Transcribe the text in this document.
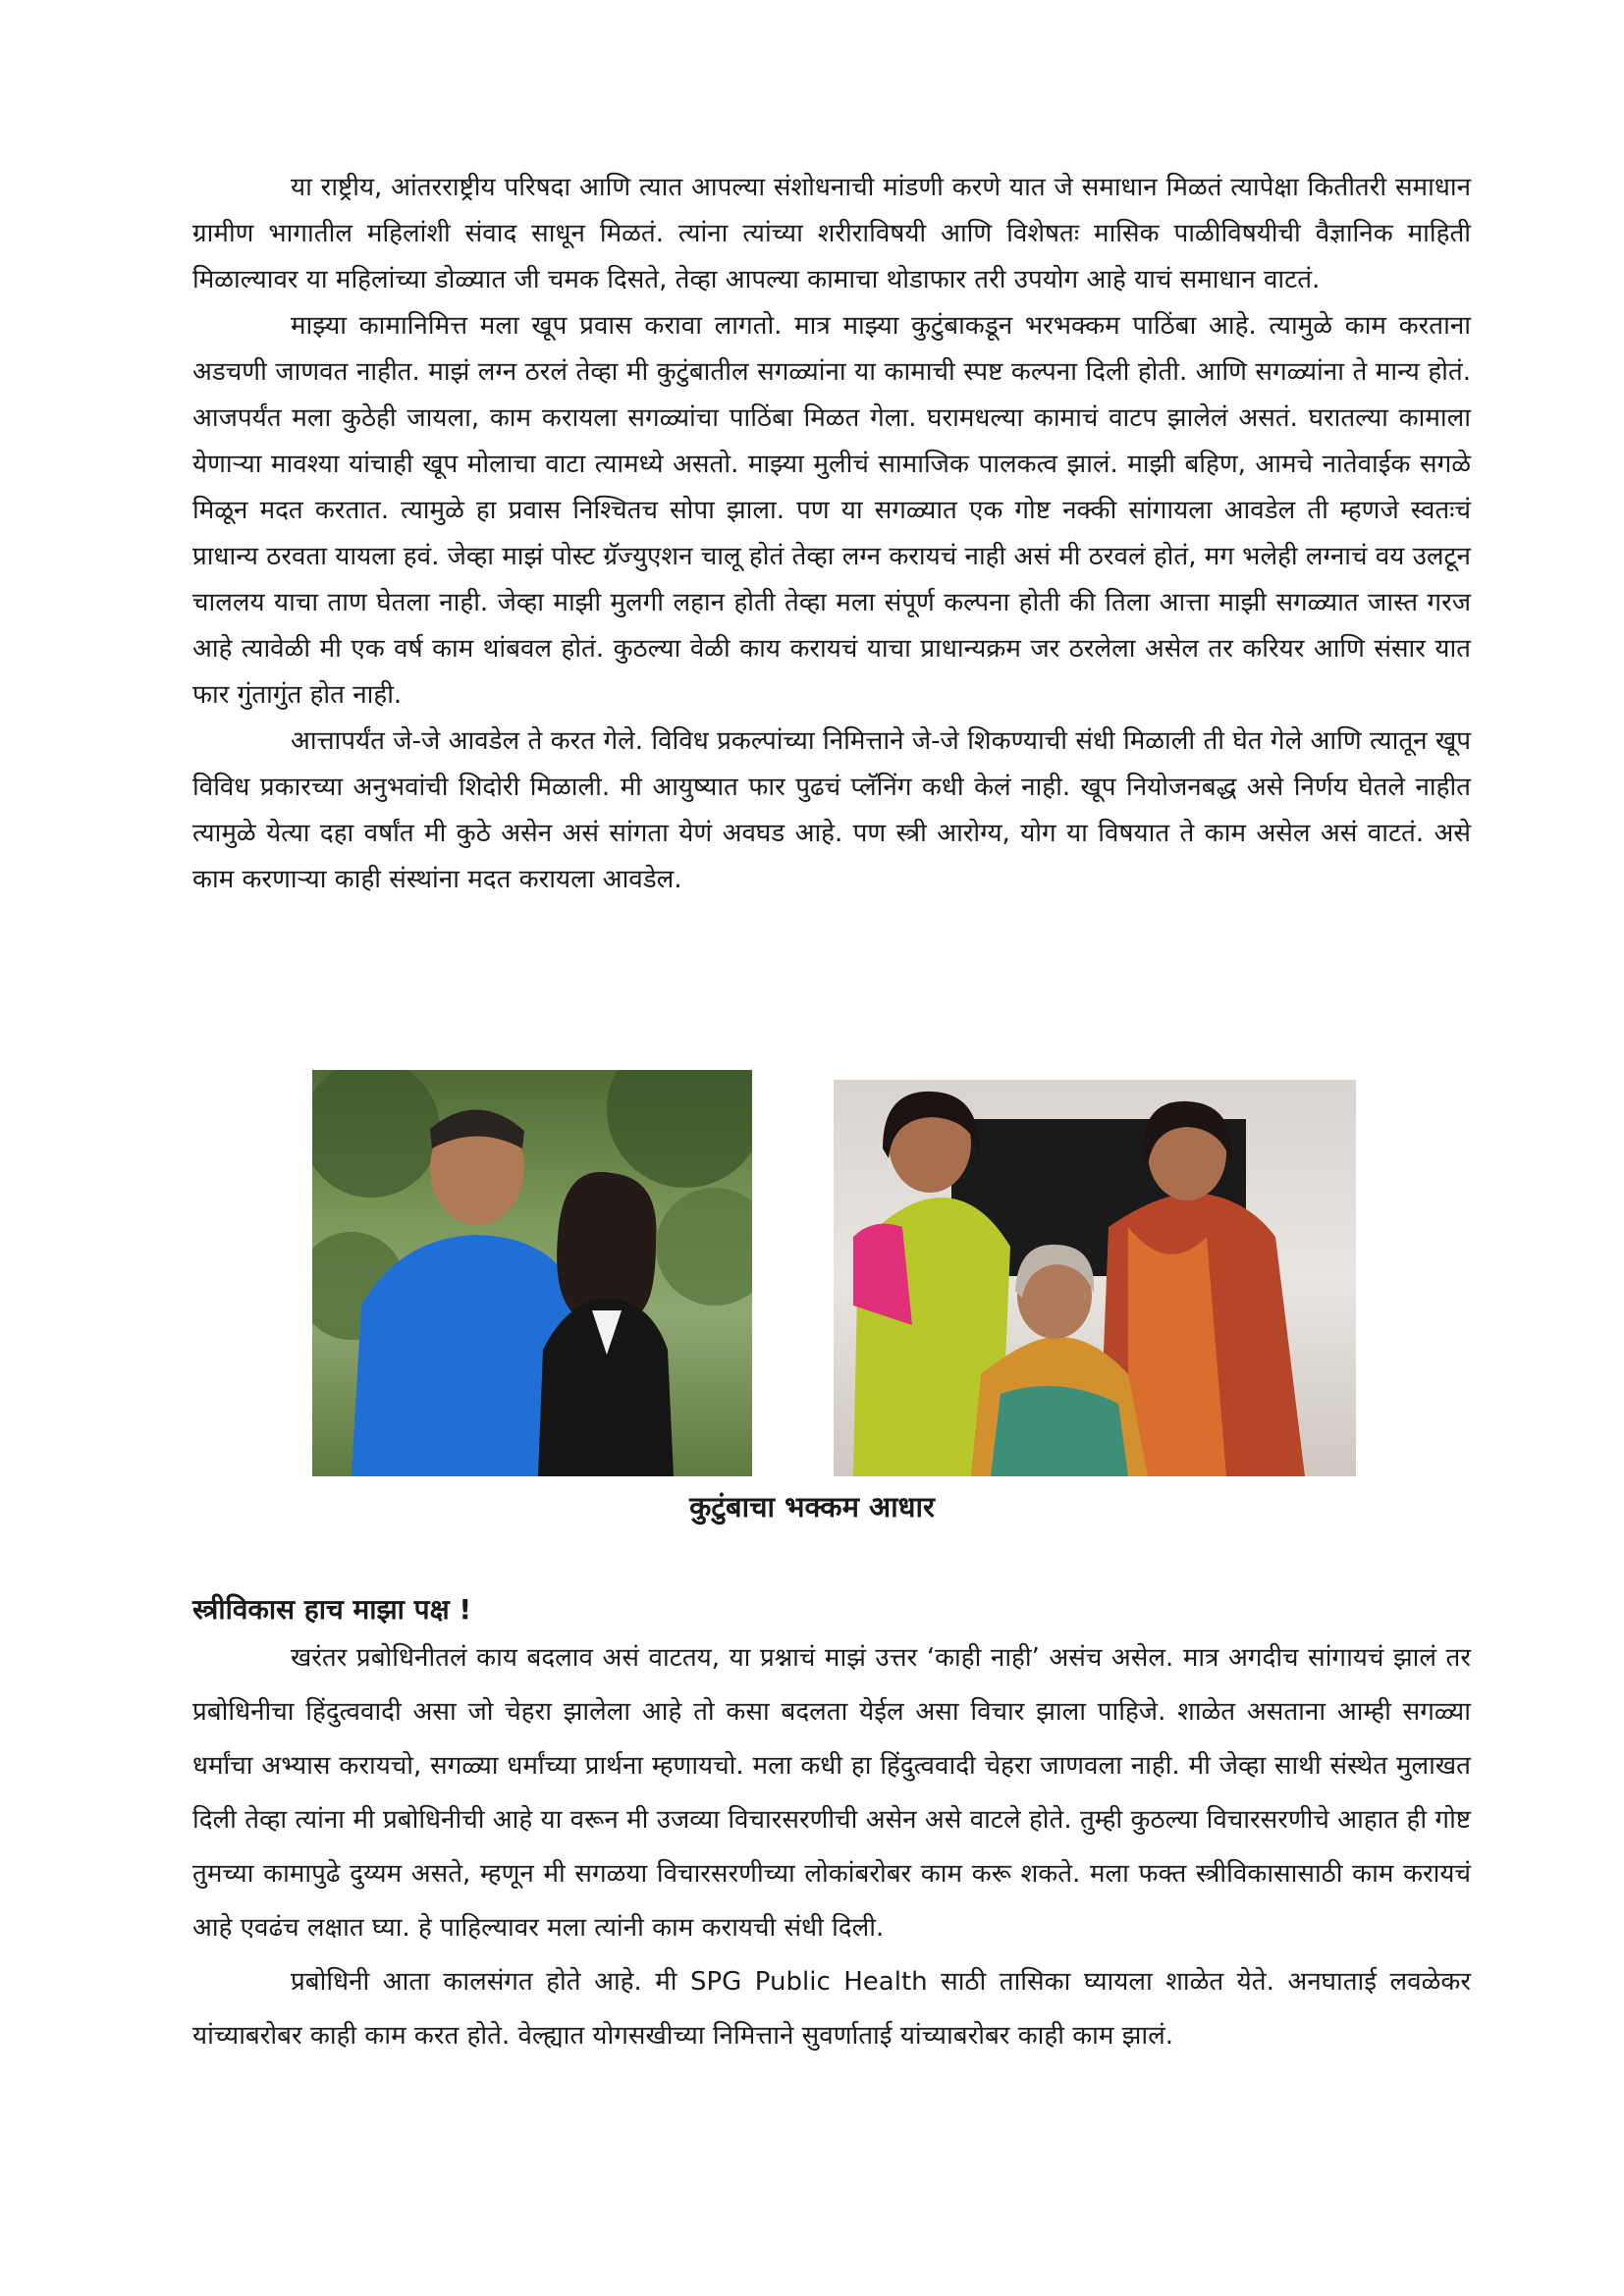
या राष्ट्रीय, आंतरराष्ट्रीय परिषदा आणि त्यात आपल्या संशोधनाची मांडणी करणे यात जे समाधान मिळतं त्यापेक्षा कितीतरी समाधान ग्रामीण भागातील महिलांशी संवाद साधून मिळतं. त्यांना त्यांच्या शरीराविषयी आणि विशेषतः मासिक पाळीविषयीची वैज्ञानिक माहिती मिळाल्यावर या महिलांच्या डोळ्यात जी चमक दिसते, तेव्हा आपल्या कामाचा थोडाफार तरी उपयोग आहे याचं समाधान वाटतं.

माझ्या कामानिमित्त मला खूप प्रवास करावा लागतो. मात्र माझ्या कुटुंबाकडून भरभक्कम पाठिंबा आहे. त्यामुळे काम करताना अडचणी जाणवत नाहीत. माझं लग्न ठरलं तेव्हा मी कुटुंबातील सगळ्यांना या कामाची स्पष्ट कल्पना दिली होती. आणि सगळ्यांना ते मान्य होतं. आजपर्यंत मला कुठेही जायला, काम करायला सगळ्यांचा पाठिंबा मिळत गेला. घरामधल्या कामाचं वाटप झालेलं असतं. घरातल्या कामाला येणाऱ्या मावश्या यांचाही खूप मोलाचा वाटा त्यामध्ये असतो. माझ्या मुलीचं सामाजिक पालकत्व झालं. माझी बहिण, आमचे नातेवाईक सगळे मिळून मदत करतात. त्यामुळे हा प्रवास निश्चितच सोपा झाला. पण या सगळ्यात एक गोष्ट नक्की सांगायला आवडेल ती म्हणजे स्वतःचं प्राधान्य ठरवता यायला हवं. जेव्हा माझं पोस्ट ग्रॅज्युएशन चालू होतं तेव्हा लग्न करायचं नाही असं मी ठरवलं होतं, मग भलेही लग्नाचं वय उलटून चाललय याचा ताण घेतला नाही. जेव्हा माझी मुलगी लहान होती तेव्हा मला संपूर्ण कल्पना होती की तिला आत्ता माझी सगळ्यात जास्त गरज आहे त्यावेळी मी एक वर्ष काम थांबवल होतं. कुठल्या वेळी काय करायचं याचा प्राधान्यक्रम जर ठरलेला असेल तर करियर आणि संसार यात फार गुंतागुंत होत नाही.

आत्तापर्यंत जे-जे आवडेल ते करत गेले. विविध प्रकल्पांच्या निमित्ताने जे-जे शिकण्याची संधी मिळाली ती घेत गेले आणि त्यातून खूप विविध प्रकारच्या अनुभवांची शिदोरी मिळाली. मी आयुष्यात फार पुढचं प्लॅनिंग कधी केलं नाही. खूप नियोजनबद्ध असे निर्णय घेतले नाहीत त्यामुळे येत्या दहा वर्षांत मी कुठे असेन असं सांगता येणं अवघड आहे. पण स्त्री आरोग्य, योग या विषयात ते काम असेल असं वाटतं. असे काम करणाऱ्या काही संस्थांना मदत करायला आवडेल.

कुटुंबाचा भक्कम आधार
स्त्रीविकास हाच माझा पक्ष !

खरंतर प्रबोधिनीतलं काय बदलाव असं वाटतय, या प्रश्नाचं माझं उत्तर ‘काही नाही’ असंच असेल. मात्र अगदीच सांगायचं झालं तर प्रबोधिनीचा हिंदुत्ववादी असा जो चेहरा झालेला आहे तो कसा बदलता येईल असा विचार झाला पाहिजे. शाळेत असताना आम्ही सगळ्या धर्मांचा अभ्यास करायचो, सगळ्या धर्मांच्या प्रार्थना म्हणायचो. मला कधी हा हिंदुत्ववादी चेहरा जाणवला नाही. मी जेव्हा साथी संस्थेत मुलाखत दिली तेव्हा त्यांना मी प्रबोधिनीची आहे या वरून मी उजव्या विचारसरणीची असेन असे वाटले होते. तुम्ही कुठल्या विचारसरणीचे आहात ही गोष्ट तुमच्या कामापुढे दुय्यम असते, म्हणून मी सगळया विचारसरणीच्या लोकांबरोबर काम करू शकते. मला फक्त स्त्रीविकासासाठी काम करायचं आहे एवढंच लक्षात घ्या. हे पाहिल्यावर मला त्यांनी काम करायची संधी दिली.

प्रबोधिनी आता कालसंगत होते आहे. मी SPG Public Health साठी तासिका घ्यायला शाळेत येते. अनघाताई लवळेकर यांच्याबरोबर काही काम करत होते. वेल्ह्यात योगसखीच्या निमित्ताने सुवर्णाताई यांच्याबरोबर काही काम झालं.
